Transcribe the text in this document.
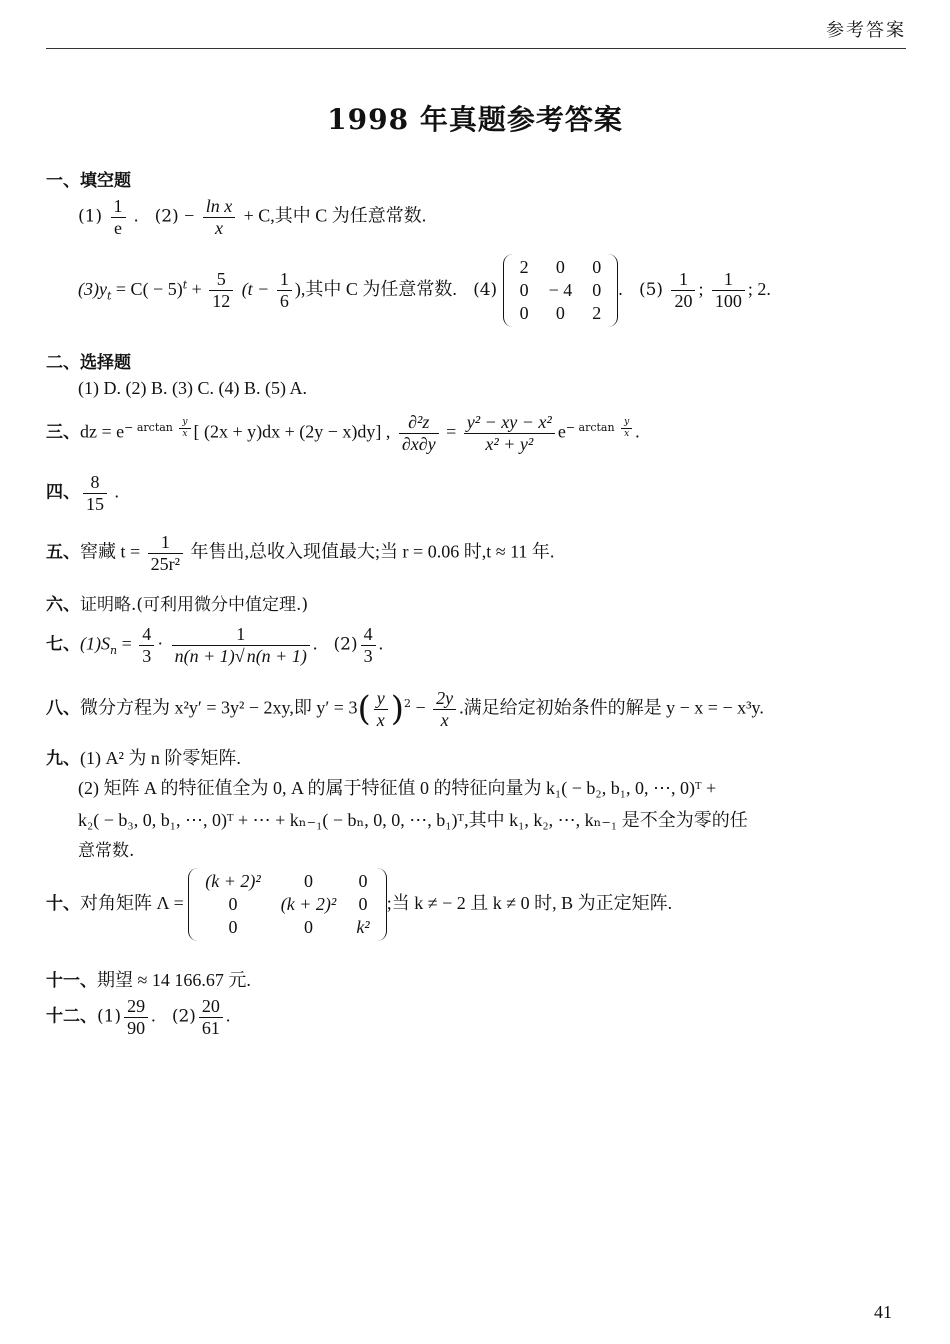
参考答案
1998 年真题参考答案
一、填空题
$(1) \frac{1}{e}$ . $(2) - \frac{\text{ln x}}{x} + C$,其中 C 为任意常数.
$(3)y_t = C( - 5)^t + \frac{5}{12} (t - \frac{1}{6}$ ),其中 C 为任意常数. (4)
2	0	0
0	− 4	0
0	0	2
. $(5) \frac{1}{20}$ ; $\frac{1}{100}$ ; 2.
二、选择题
(1) D. (2) B. (3) C. (4) B. (5) A.
三、dz = $e^{- arctan \frac{y}{x}}$ [ (2x + y)dx + (2y − x)dy] , $\frac{\text{∂²z}}{\partial x\partial y} = \frac{\text{y² − xy − x²}}{\text{x² + y²}} e^{- arctan \frac{y}{x}}$ .
四、 $\frac{8}{15}$ .
五、窖藏 $t = \frac{1}{\text{25r²}}$ 年售出,总收入现值最大;当 r = 0.06 时,t ≈ 11 年.
六、证明略.(可利用微分中值定理.)
七、$(1)S_n = \frac{4}{3} \cdot \frac{1}{n(n + 1)√ n(n + 1)}$ . $(2) \frac{4}{3}$ .
八、微分方程为 x²y′ = 3y² − 2xy,即 $y' = 3( \frac{y}{x} )^2 - \frac{2y}{x}$ .满足给定初始条件的解是 y − x = − x³y.
九、(1) A² 为 n 阶零矩阵.
(2) 矩阵 A 的特征值全为 0, A 的属于特征值 0 的特征向量为 k₁( − b₂, b₁, 0, ⋯, 0)ᵀ +
k₂( − b₃, 0, b₁, ⋯, 0)ᵀ + ⋯ + kₙ₋₁( − bₙ, 0, 0, ⋯, b₁)ᵀ,其中 k₁, k₂, ⋯, kₙ₋₁ 是不全为零的任
意常数.
十、对角矩阵 Λ =
(k + 2)²	0	0
0	(k + 2)²	0
0	0	k²
;当 k ≠ − 2 且 k ≠ 0 时, B 为正定矩阵.
十一、期望 ≈ 14 166.67 元.
十二、$(1) \frac{29}{90}$ . $(2) \frac{20}{61}$ .
41
